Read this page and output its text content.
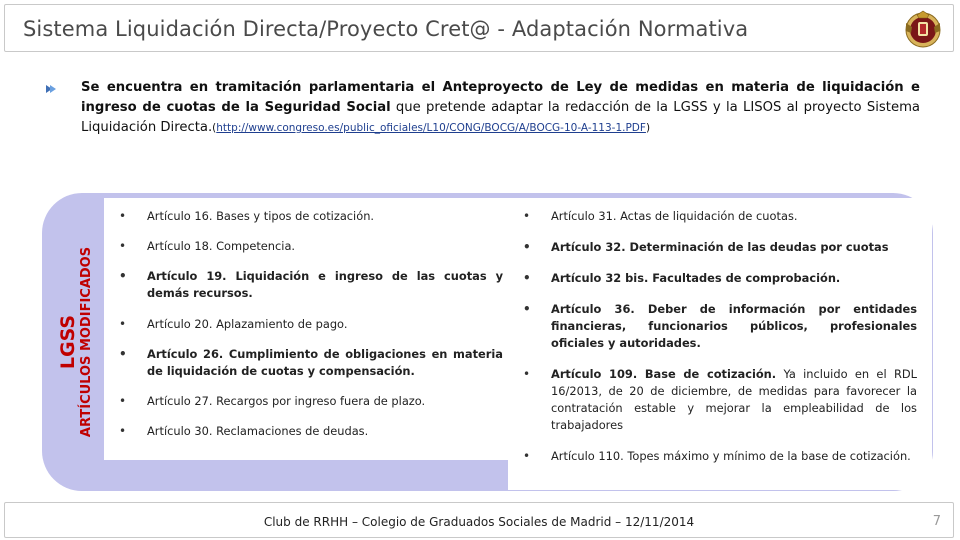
Sistema Liquidación Directa/Proyecto Cret@ - Adaptación Normativa

Se encuentra en tramitación parlamentaria el Anteproyecto de Ley de medidas en materia de liquidación e ingreso de cuotas de la Seguridad Social que pretende adaptar la redacción de la LGSS y la LISOS al proyecto Sistema Liquidación Directa.(http://www.congreso.es/public_oficiales/L10/CONG/BOCG/A/BOCG-10-A-113-1.PDF)

LGSS ARTÍCULOS MODIFICADOS
• Artículo 16. Bases y tipos de cotización.
• Artículo 18. Competencia.
• Artículo 19. Liquidación e ingreso de las cuotas y demás recursos.
• Artículo 20. Aplazamiento de pago.
• Artículo 26. Cumplimiento de obligaciones en materia de liquidación de cuotas y compensación.
• Artículo 27. Recargos por ingreso fuera de plazo.
• Artículo 30. Reclamaciones de deudas.
• Artículo 31. Actas de liquidación de cuotas.
• Artículo 32. Determinación de las deudas por cuotas
• Artículo 32 bis. Facultades de comprobación.
• Artículo 36. Deber de información por entidades financieras, funcionarios públicos, profesionales oficiales y autoridades.
• Artículo 109. Base de cotización. Ya incluido en el RDL 16/2013, de 20 de diciembre, de medidas para favorecer la contratación estable y mejorar la empleabilidad de los trabajadores
• Artículo 110. Topes máximo y mínimo de la base de cotización.
Club de RRHH – Colegio de Graduados Sociales de Madrid – 12/11/2014	7
